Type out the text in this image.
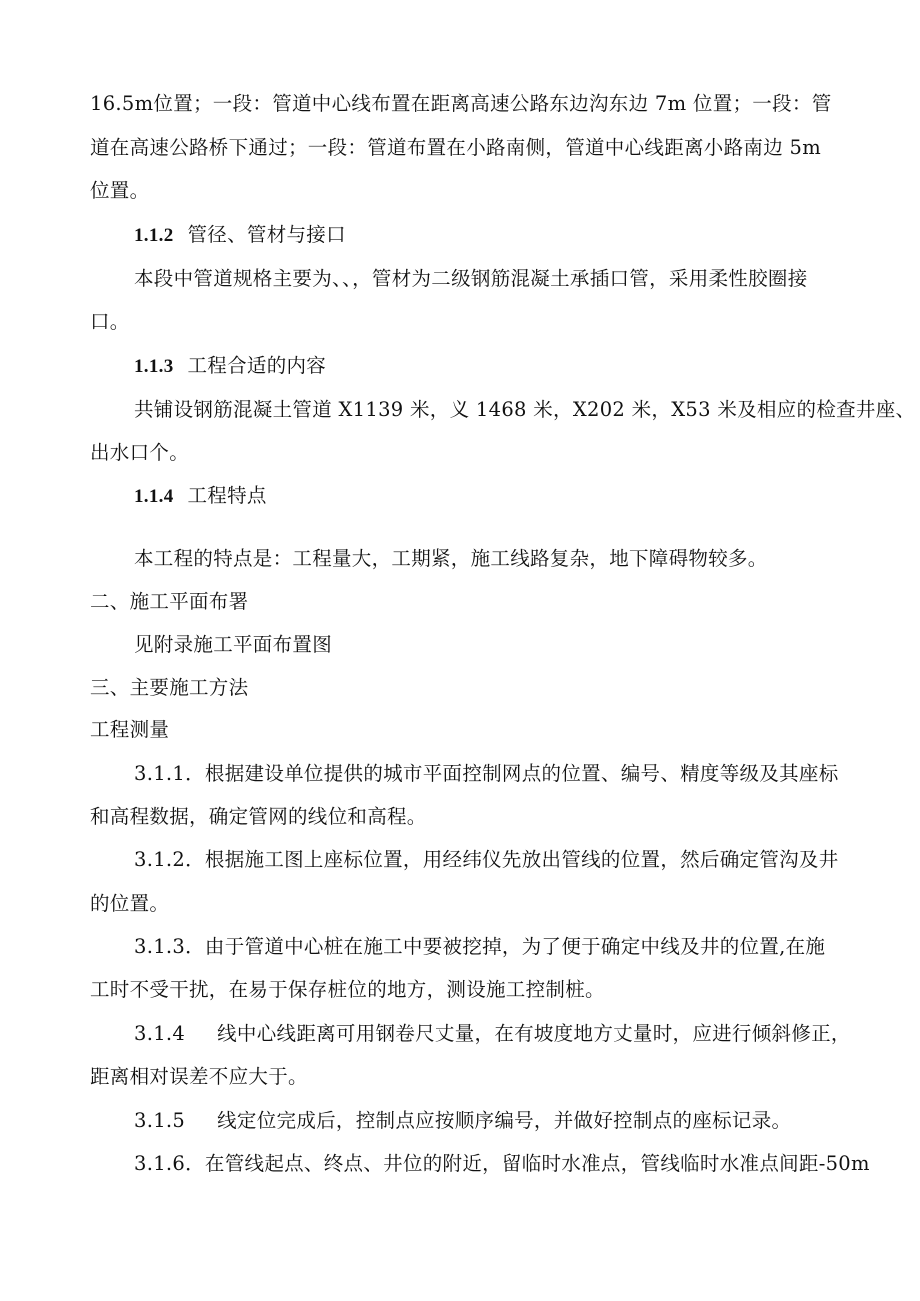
16.5m位置；一段：管道中心线布置在距离高速公路东边沟东边 7m 位置；一段：管
道在高速公路桥下通过；一段：管道布置在小路南侧，管道中心线距离小路南边 5m
位置。
1.1.2 管径、管材与接口
本段中管道规格主要为、、，管材为二级钢筋混凝土承插口管，采用柔性胶圈接
口。
1.1.3 工程合适的内容
共铺设钢筋混凝土管道 X1139 米，义 1468 米，X202 米，X53 米及相应的检查井座、
出水口个。
1.1.4 工程特点
本工程的特点是：工程量大，工期紧，施工线路复杂，地下障碍物较多。
二、施工平面布署
见附录施工平面布置图
三、主要施工方法
工程测量
3.1.1．根据建设单位提供的城市平面控制网点的位置、编号、精度等级及其座标
和高程数据，确定管网的线位和高程。
3.1.2．根据施工图上座标位置，用经纬仪先放出管线的位置，然后确定管沟及井
的位置。
3.1.3．由于管道中心桩在施工中要被挖掉，为了便于确定中线及井的位置,在施
工时不受干扰，在易于保存桩位的地方，测设施工控制桩。
3.1.4 线中心线距离可用钢卷尺丈量，在有坡度地方丈量时，应进行倾斜修正，
距离相对误差不应大于。
3.1.5 线定位完成后，控制点应按顺序编号，并做好控制点的座标记录。
3.1.6．在管线起点、终点、井位的附近，留临时水准点，管线临时水准点间距-50m
